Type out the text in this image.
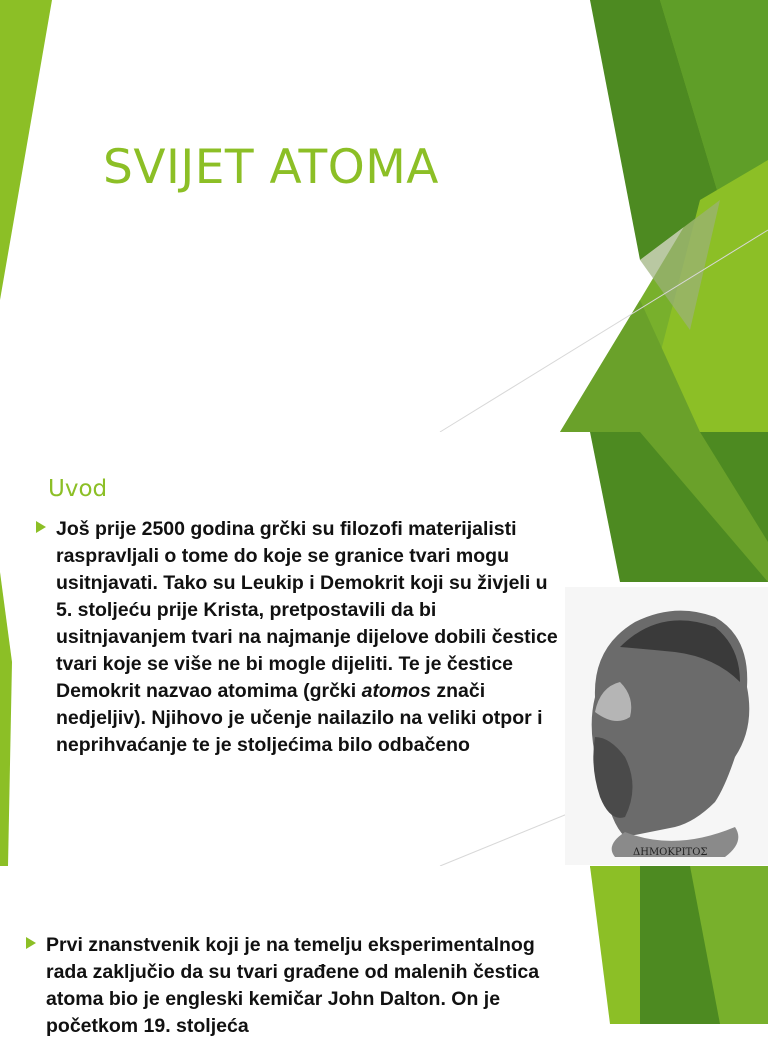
SVIJET ATOMA
Uvod

Još prije 2500 godina grčki su filozofi materijalisti raspravljali o tome do koje se granice tvari mogu usitnjavati. Tako su Leukip i Demokrit koji su živjeli u 5. stoljeću prije Krista, pretpostavili da bi usitnjavanjem tvari na najmanje dijelove dobili čestice tvari koje se više ne bi mogle dijeliti. Te je čestice Demokrit nazvao atomima (grčki atomos znači nedjeljiv). Njihovo je učenje nailazilo na veliki otpor i neprihvaćanje te je stoljećima bilo odbačeno

ΔΗΜΟΚΡΙΤΟΣ

Prvi znanstvenik koji je na temelju eksperimentalnog rada zaključio da su tvari građene od malenih čestica atoma bio je engleski kemičar John Dalton. On je početkom 19. stoljeća
